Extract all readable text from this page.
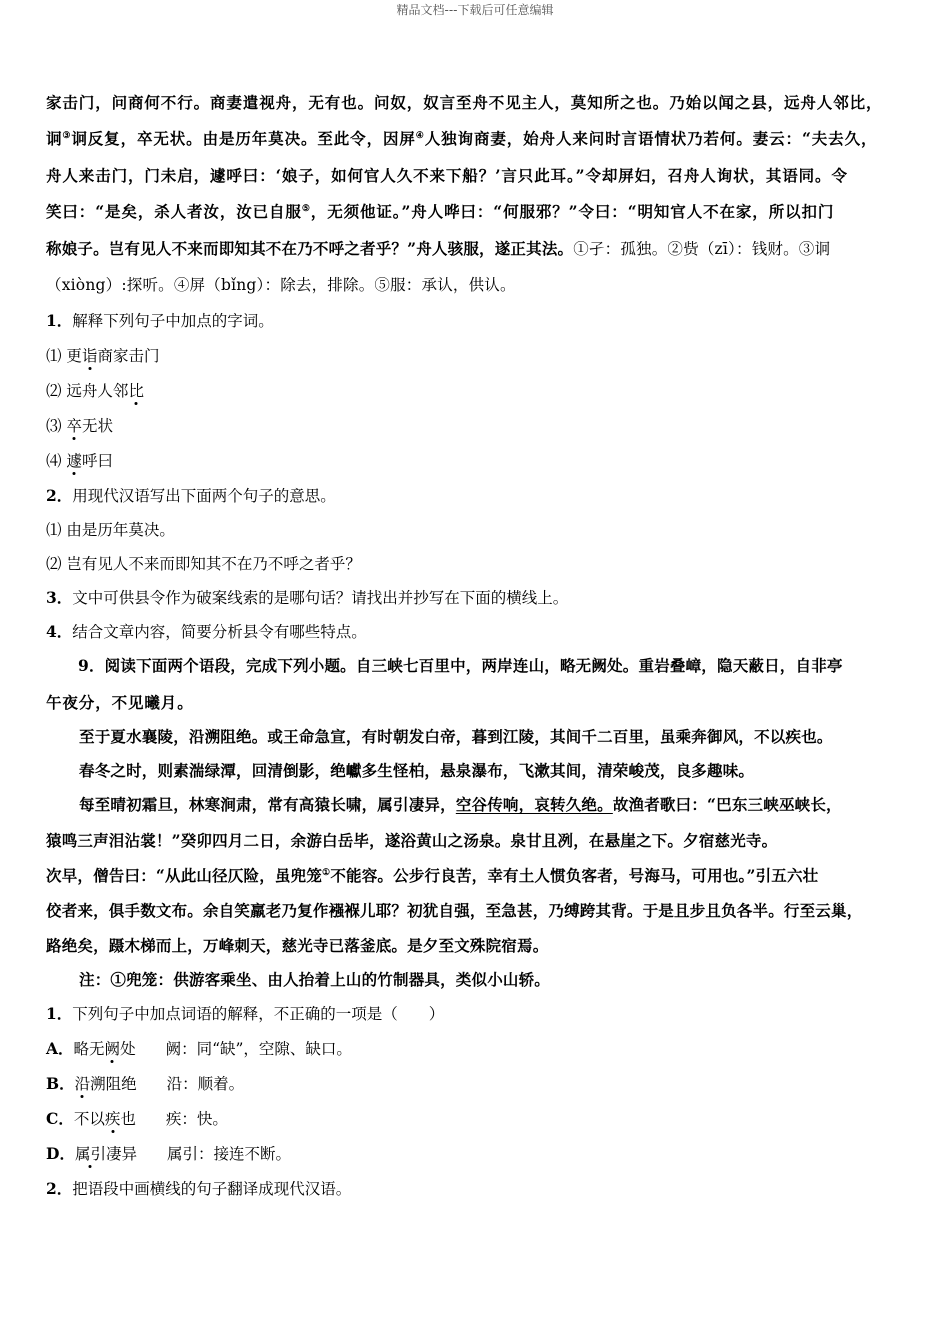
精品文档---下载后可任意编辑

家击门，问商何不行。商妻遣视舟，无有也。问奴，奴言至舟不见主人，莫知所之也。乃始以闻之县，远舟人邻比，

诇③诇反复，卒无状。由是历年莫决。至此令，因屏④人独询商妻，始舟人来问时言语情状乃若何。妻云：“夫去久，

舟人来击门，门未启，遽呼曰：‘娘子，如何官人久不来下船？’言只此耳。”令却屏妇，召舟人询状，其语同。令

笑曰：“是矣，杀人者汝，汝已自服⑤，无须他证。”舟人哗曰：“何服邪？”令曰：“明知官人不在家，所以扣门

称娘子。岂有见人不来而即知其不在乃不呼之者乎？”舟人骇服，遂正其法。①孑：孤独。②赀（zī）：钱财。③诇

（xiòng）:探听。④屏（bǐng）：除去，排除。⑤服：承认，供认。

1．解释下列句子中加点的字词。

⑴ 更诣商家击门

⑵ 远舟人邻比

⑶ 卒无状

⑷ 遽呼曰

2．用现代汉语写出下面两个句子的意思。

⑴ 由是历年莫决。

⑵ 岂有见人不来而即知其不在乃不呼之者乎？

3．文中可供县令作为破案线索的是哪句话？请找出并抄写在下面的横线上。

4．结合文章内容，简要分析县令有哪些特点。

9．阅读下面两个语段，完成下列小题。自三峡七百里中，两岸连山，略无阙处。重岩叠嶂，隐天蔽日，自非亭

午夜分，不见曦月。

至于夏水襄陵，沿溯阻绝。或王命急宣，有时朝发白帝，暮到江陵，其间千二百里，虽乘奔御风，不以疾也。

春冬之时，则素湍绿潭，回清倒影，绝巘多生怪柏，悬泉瀑布，飞漱其间，清荣峻茂，良多趣味。

每至晴初霜旦，林寒涧肃，常有高猿长啸，属引凄异，空谷传响，哀转久绝。故渔者歌曰：“巴东三峡巫峡长，

猿鸣三声泪沾裳！”癸卯四月二日，余游白岳毕，遂浴黄山之汤泉。泉甘且冽，在悬崖之下。夕宿慈光寺。

次早，僧告曰：“从此山径仄险，虽兜笼①不能容。公步行良苦，幸有土人惯负客者，号海马，可用也。”引五六壮

佼者来，俱手数文布。余自笑羸老乃复作襁褓儿耶？初犹自强，至急甚，乃缚跨其背。于是且步且负各半。行至云巢，

路绝矣，蹑木梯而上，万峰刺天，慈光寺已落釜底。是夕至文殊院宿焉。

注：①兜笼：供游客乘坐、由人抬着上山的竹制器具，类似小山轿。

1．下列句子中加点词语的解释，不正确的一项是（　　）

A．略无阙处 阙：同“缺”，空隙、缺口。

B．沿溯阻绝 沿：顺着。

C．不以疾也 疾：快。

D．属引凄异 属引：接连不断。

2．把语段中画横线的句子翻译成现代汉语。
